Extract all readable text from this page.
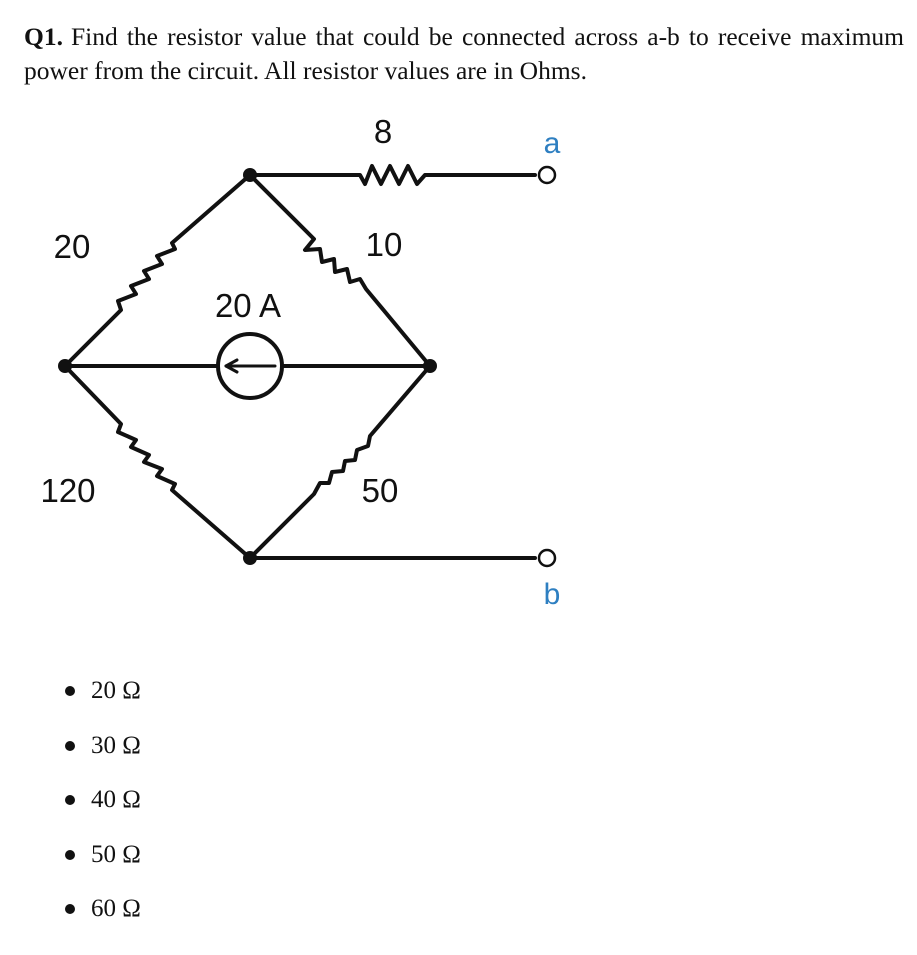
Q1. Find the resistor value that could be connected across a-b to receive maximum power from the circuit. All resistor values are in Ohms.
8	a
20	10
20 A
120	50
b
20 Ω
30 Ω
40 Ω
50 Ω
60 Ω
